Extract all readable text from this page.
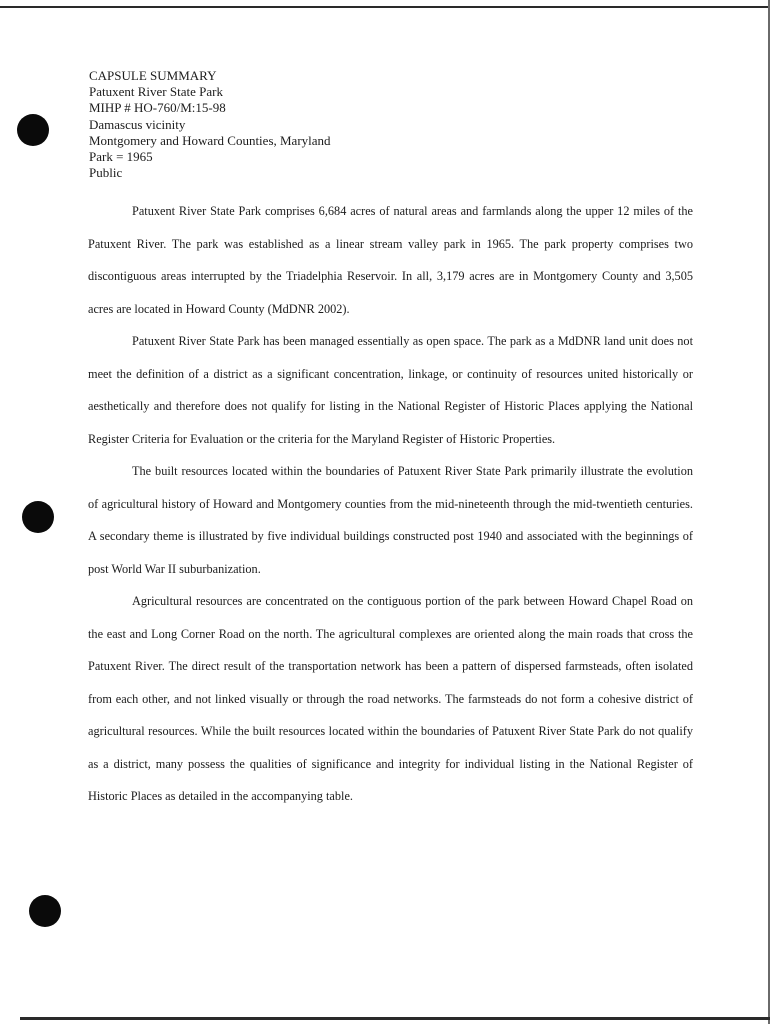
CAPSULE SUMMARY
Patuxent River State Park
MIHP # HO-760/M:15-98
Damascus vicinity
Montgomery and Howard Counties, Maryland
Park = 1965
Public

Patuxent River State Park comprises 6,684 acres of natural areas and farmlands along the upper 12 miles of the Patuxent River. The park was established as a linear stream valley park in 1965. The park property comprises two discontiguous areas interrupted by the Triadelphia Reservoir. In all, 3,179 acres are in Montgomery County and 3,505 acres are located in Howard County (MdDNR 2002).

Patuxent River State Park has been managed essentially as open space. The park as a MdDNR land unit does not meet the definition of a district as a significant concentration, linkage, or continuity of resources united historically or aesthetically and therefore does not qualify for listing in the National Register of Historic Places applying the National Register Criteria for Evaluation or the criteria for the Maryland Register of Historic Properties.

The built resources located within the boundaries of Patuxent River State Park primarily illustrate the evolution of agricultural history of Howard and Montgomery counties from the mid-nineteenth through the mid-twentieth centuries. A secondary theme is illustrated by five individual buildings constructed post 1940 and associated with the beginnings of post World War II suburbanization.

Agricultural resources are concentrated on the contiguous portion of the park between Howard Chapel Road on the east and Long Corner Road on the north. The agricultural complexes are oriented along the main roads that cross the Patuxent River. The direct result of the transportation network has been a pattern of dispersed farmsteads, often isolated from each other, and not linked visually or through the road networks. The farmsteads do not form a cohesive district of agricultural resources. While the built resources located within the boundaries of Patuxent River State Park do not qualify as a district, many possess the qualities of significance and integrity for individual listing in the National Register of Historic Places as detailed in the accompanying table.
